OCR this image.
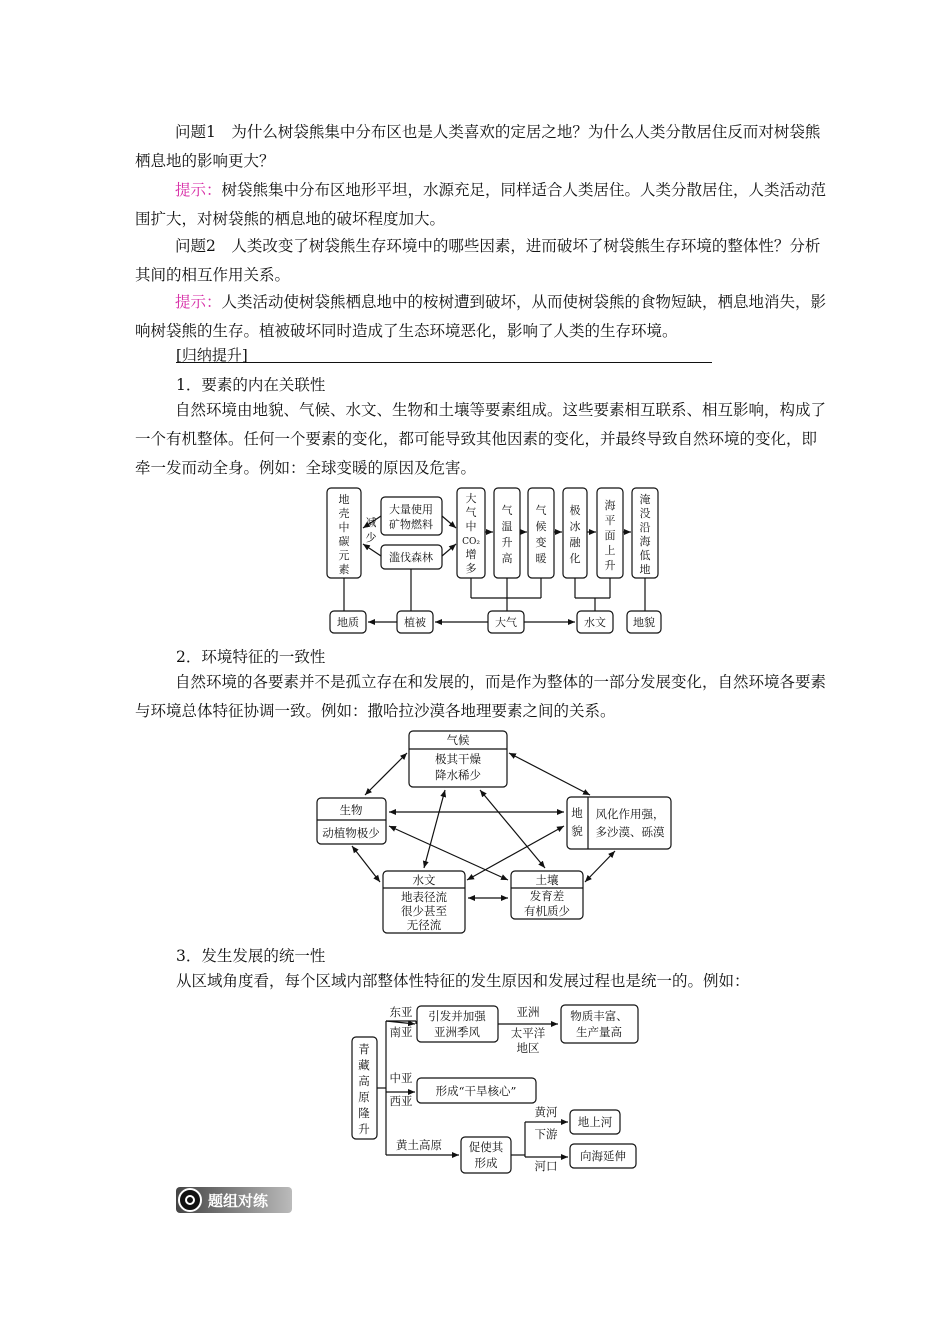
问题1　为什么树袋熊集中分布区也是人类喜欢的定居之地？为什么人类分散居住反而对树袋熊栖息地的影响更大？

提示：树袋熊集中分布区地形平坦，水源充足，同样适合人类居住。人类分散居住，人类活动范围扩大，对树袋熊的栖息地的破坏程度加大。

问题2　人类改变了树袋熊生存环境中的哪些因素，进而破坏了树袋熊生存环境的整体性？分析其间的相互作用关系。

提示：人类活动使树袋熊栖息地中的桉树遭到破坏，从而使树袋熊的食物短缺，栖息地消失，影响树袋熊的生存。植被破坏同时造成了生态环境恶化，影响了人类的生存环境。

[归纳提升]
1．要素的内在关联性

自然环境由地貌、气候、水文、生物和土壤等要素组成。这些要素相互联系、相互影响，构成了一个有机整体。任何一个要素的变化，都可能导致其他因素的变化，并最终导致自然环境的变化，即牵一发而动全身。例如：全球变暖的原因及危害。

地
壳
中
碳
元
素
减
少
大量使用
矿物燃料
滥伐森林
大
气
中
CO₂
增
多
气
温
升
高
气
候
变
暖
极
冰
融
化
海
平
面
上
升
淹
没
沿
海
低
地
地质	植被	大气	水文 地貌
2．环境特征的一致性

自然环境的各要素并不是孤立存在和发展的，而是作为整体的一部分发展变化，自然环境各要素与环境总体特征协调一致。例如：撒哈拉沙漠各地理要素之间的关系。

气候
极其干燥
降水稀少
生物
动植物极少
地
貌
风化作用强，
多沙漠、砾漠
水文
地表径流
很少甚至
无径流
土壤
发育差
有机质少
3．发生发展的统一性

从区域角度看，每个区域内部整体性特征的发生原因和发展过程也是统一的。例如：

青
藏
高
原
隆
升
东亚
南亚
引发并加强
亚洲季风
亚洲
太平洋
地区
物质丰富、
生产量高
中亚
西亚
形成“干旱核心”
黄土高原 促使其
形成
黄河
下游
河口
地上河
向海延伸
题组对练
